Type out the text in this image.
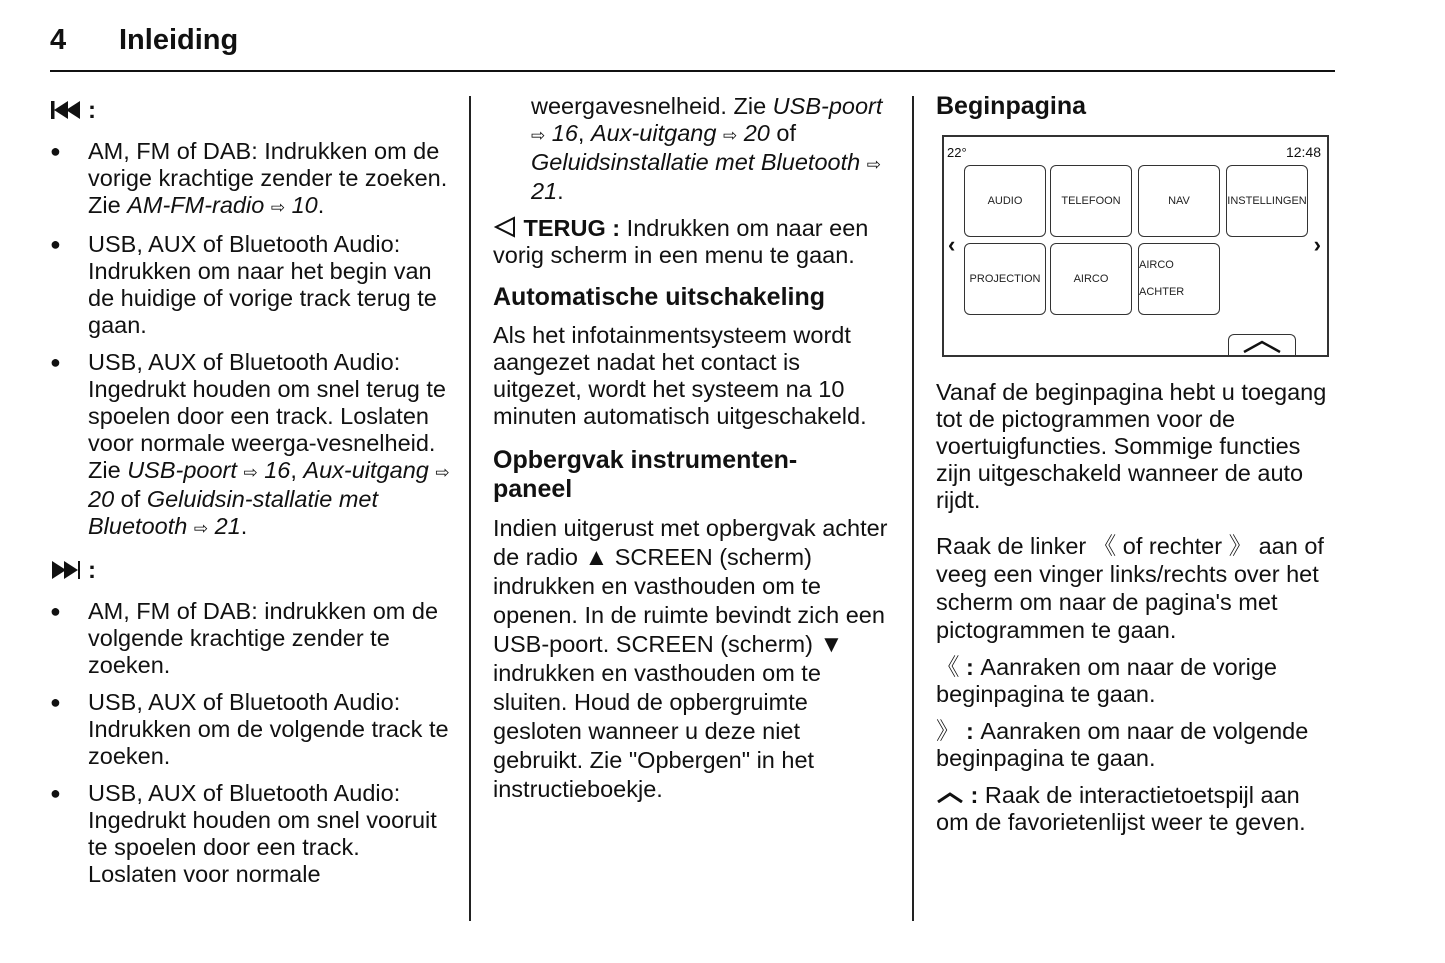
4 Inleiding
:
● AM, FM of DAB: Indrukken om de vorige krachtige zender te zoeken. Zie AM-FM-radio ⇨ 10.
● USB, AUX of Bluetooth Audio: Indrukken om naar het begin van de huidige of vorige track terug te gaan.
● USB, AUX of Bluetooth Audio: Ingedrukt houden om snel terug te spoelen door een track. Loslaten voor normale weerga-vesnelheid. Zie USB-poort ⇨ 16, Aux-uitgang ⇨ 20 of Geluidsin-stallatie met Bluetooth ⇨ 21.
:
● AM, FM of DAB: indrukken om de volgende krachtige zender te zoeken.
● USB, AUX of Bluetooth Audio: Indrukken om de volgende track te zoeken.
● USB, AUX of Bluetooth Audio: Ingedrukt houden om snel vooruit te spoelen door een track. Loslaten voor normale

weergavesnelheid. Zie USB-poort ⇨ 16, Aux-uitgang ⇨ 20 of Geluidsinstallatie met Bluetooth ⇨ 21.

TERUG : Indrukken om naar een vorig scherm in een menu te gaan.

Automatische uitschakeling

Als het infotainmentsysteem wordt aangezet nadat het contact is uitgezet, wordt het systeem na 10 minuten automatisch uitgeschakeld.

Opbergvak instrumenten-paneel

Indien uitgerust met opbergvak achter de radio ▲ SCREEN (scherm) indrukken en vasthouden om te openen. In de ruimte bevindt zich een USB-poort. SCREEN (scherm) ▼ indrukken en vasthouden om te sluiten. Houd de opbergruimte gesloten wanneer u deze niet gebruikt. Zie "Opbergen" in het instructieboekje.

Beginpagina
22°	12:48
AUDIO	TELEFOON	NAV	INSTELLINGEN
PROJECTION	AIRCO
AIRCO ACHTER
‹	›

Vanaf de beginpagina hebt u toegang tot de pictogrammen voor de voertuigfuncties. Sommige functies zijn uitgeschakeld wanneer de auto rijdt.

Raak de linker 《 of rechter 》 aan of veeg een vinger links/rechts over het scherm om naar de pagina's met pictogrammen te gaan.

《 : Aanraken om naar de vorige beginpagina te gaan.

》 : Aanraken om naar de volgende beginpagina te gaan.

: Raak de interactietoetspijl aan om de favorietenlijst weer te geven.
